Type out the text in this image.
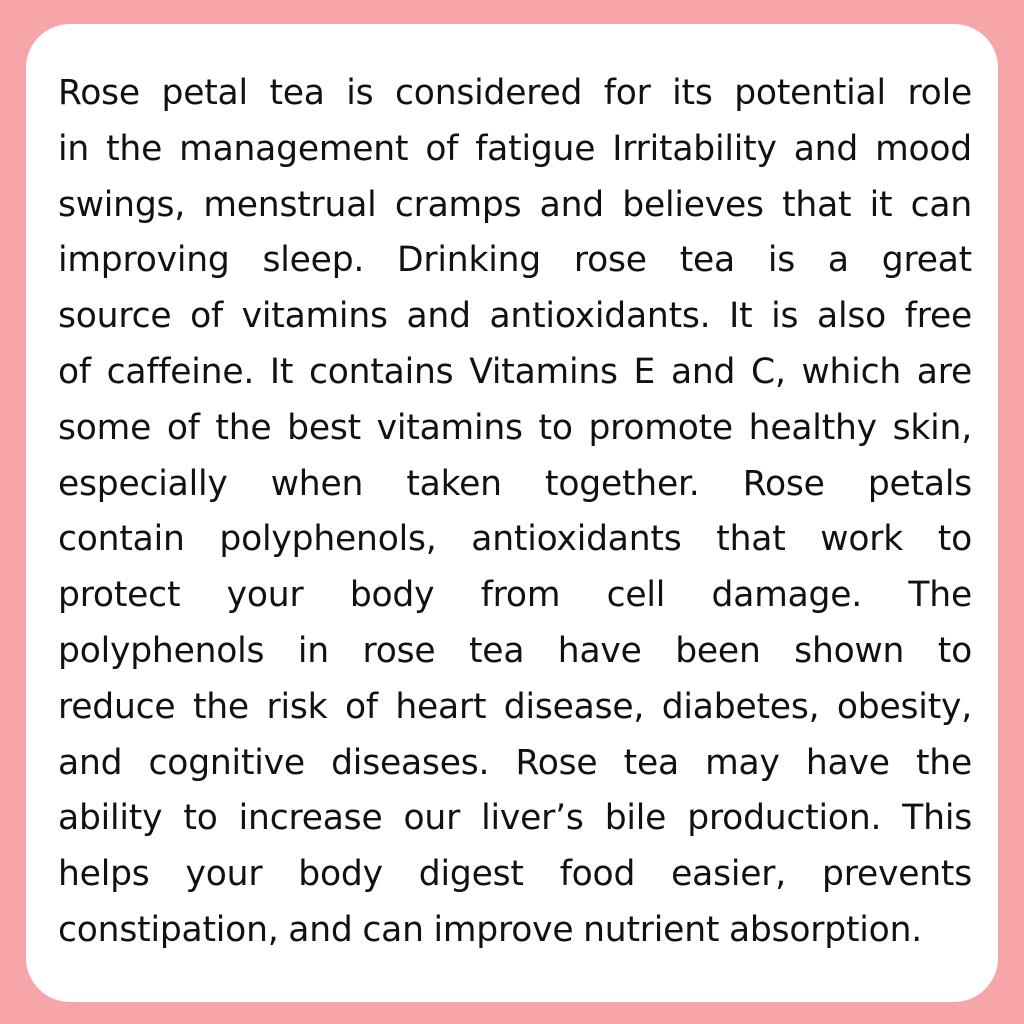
Rose petal tea is considered for its potential role
in the management of fatigue Irritability and mood
swings, menstrual cramps and believes that it can
improving sleep. Drinking rose tea is a great
source of vitamins and antioxidants. It is also free
of caffeine. It contains Vitamins E and C, which are
some of the best vitamins to promote healthy skin,
especially when taken together. Rose petals
contain polyphenols, antioxidants that work to
protect your body from cell damage. The
polyphenols in rose tea have been shown to
reduce the risk of heart disease, diabetes, obesity,
and cognitive diseases. Rose tea may have the
ability to increase our liver’s bile production. This
helps your body digest food easier, prevents
constipation, and can improve nutrient absorption.
